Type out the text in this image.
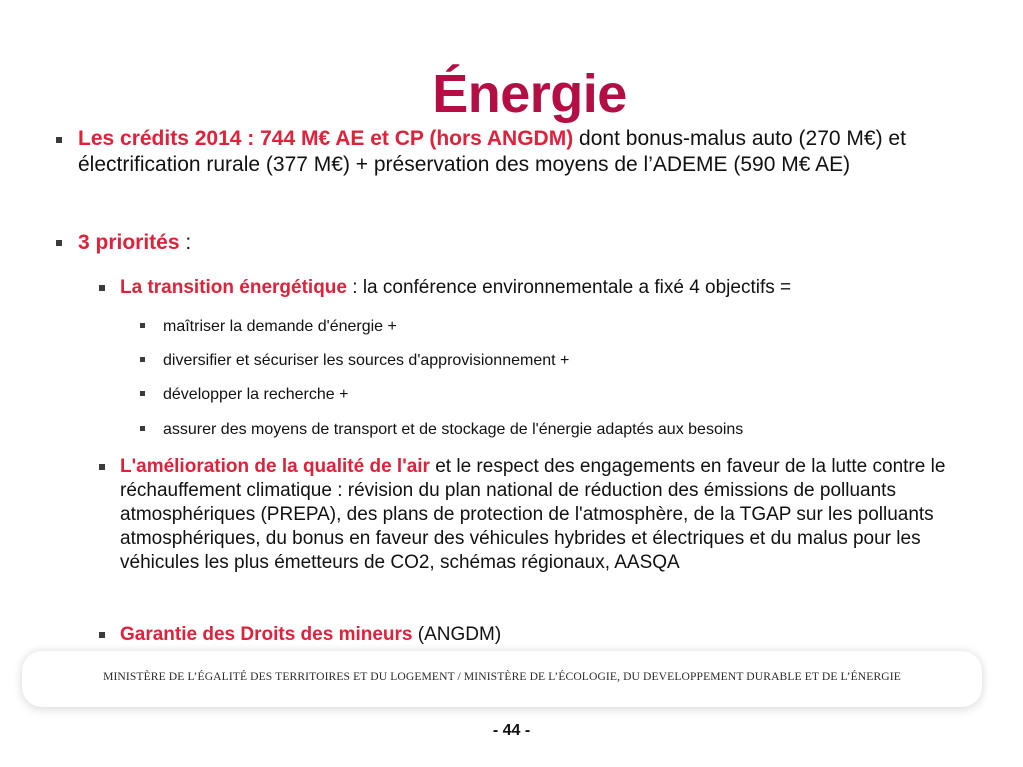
Énergie
Les crédits 2014 : 744 M€ AE et CP (hors ANGDM) dont bonus-malus auto (270 M€) et électrification rurale (377 M€) + préservation des moyens de l’ADEME (590 M€ AE)
3 priorités :
La transition énergétique : la conférence environnementale a fixé 4 objectifs =
maîtriser la demande d'énergie +
diversifier et sécuriser les sources d'approvisionnement +
développer la recherche +
assurer des moyens de transport et de stockage de l'énergie adaptés aux besoins
L'amélioration de la qualité de l'air et le respect des engagements en faveur de la lutte contre le réchauffement climatique : révision du plan national de réduction des émissions de polluants atmosphériques (PREPA), des plans de protection de l'atmosphère, de la TGAP sur les polluants atmosphériques, du bonus en faveur des véhicules hybrides et électriques et du malus pour les véhicules les plus émetteurs de CO2, schémas régionaux, AASQA
Garantie des Droits des mineurs (ANGDM)
MINISTÈRE DE L’ÉGALITÉ DES TERRITOIRES ET DU LOGEMENT / MINISTÈRE DE L’ÉCOLOGIE, DU DEVELOPPEMENT DURABLE ET DE L’ÉNERGIE
- 44 -
